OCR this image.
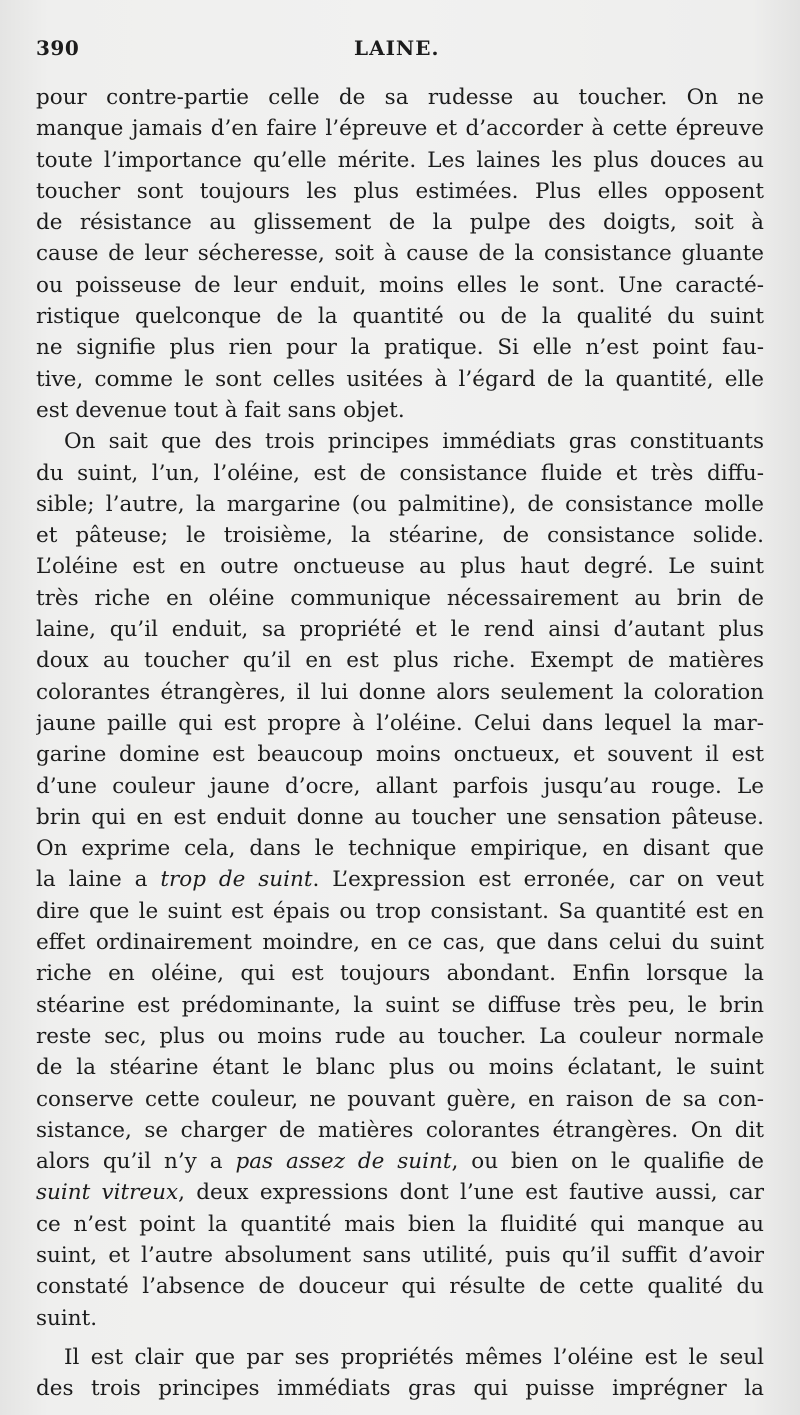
390	LAINE.
pour contre-partie celle de sa rudesse au toucher. On ne
manque jamais d’en faire l’épreuve et d’accorder à cette épreuve
toute l’importance qu’elle mérite. Les laines les plus douces au
toucher sont toujours les plus estimées. Plus elles opposent
de résistance au glissement de la pulpe des doigts, soit à
cause de leur sécheresse, soit à cause de la consistance gluante
ou poisseuse de leur enduit, moins elles le sont. Une caracté-
ristique quelconque de la quantité ou de la qualité du suint
ne signifie plus rien pour la pratique. Si elle n’est point fau-
tive, comme le sont celles usitées à l’égard de la quantité, elle
est devenue tout à fait sans objet.
On sait que des trois principes immédiats gras constituants
du suint, l’un, l’oléine, est de consistance fluide et très diffu-
sible; l’autre, la margarine (ou palmitine), de consistance molle
et pâteuse; le troisième, la stéarine, de consistance solide.
L’oléine est en outre onctueuse au plus haut degré. Le suint
très riche en oléine communique nécessairement au brin de
laine, qu’il enduit, sa propriété et le rend ainsi d’autant plus
doux au toucher qu’il en est plus riche. Exempt de matières
colorantes étrangères, il lui donne alors seulement la coloration
jaune paille qui est propre à l’oléine. Celui dans lequel la mar-
garine domine est beaucoup moins onctueux, et souvent il est
d’une couleur jaune d’ocre, allant parfois jusqu’au rouge. Le
brin qui en est enduit donne au toucher une sensation pâteuse.
On exprime cela, dans le technique empirique, en disant que
la laine a trop de suint. L’expression est erronée, car on veut
dire que le suint est épais ou trop consistant. Sa quantité est en
effet ordinairement moindre, en ce cas, que dans celui du suint
riche en oléine, qui est toujours abondant. Enfin lorsque la
stéarine est prédominante, la suint se diffuse très peu, le brin
reste sec, plus ou moins rude au toucher. La couleur normale
de la stéarine étant le blanc plus ou moins éclatant, le suint
conserve cette couleur, ne pouvant guère, en raison de sa con-
sistance, se charger de matières colorantes étrangères. On dit
alors qu’il n’y a pas assez de suint, ou bien on le qualifie de
suint vitreux, deux expressions dont l’une est fautive aussi, car
ce n’est point la quantité mais bien la fluidité qui manque au
suint, et l’autre absolument sans utilité, puis qu’il suffit d’avoir
constaté l’absence de douceur qui résulte de cette qualité du
suint.
Il est clair que par ses propriétés mêmes l’oléine est le seul
des trois principes immédiats gras qui puisse imprégner la
